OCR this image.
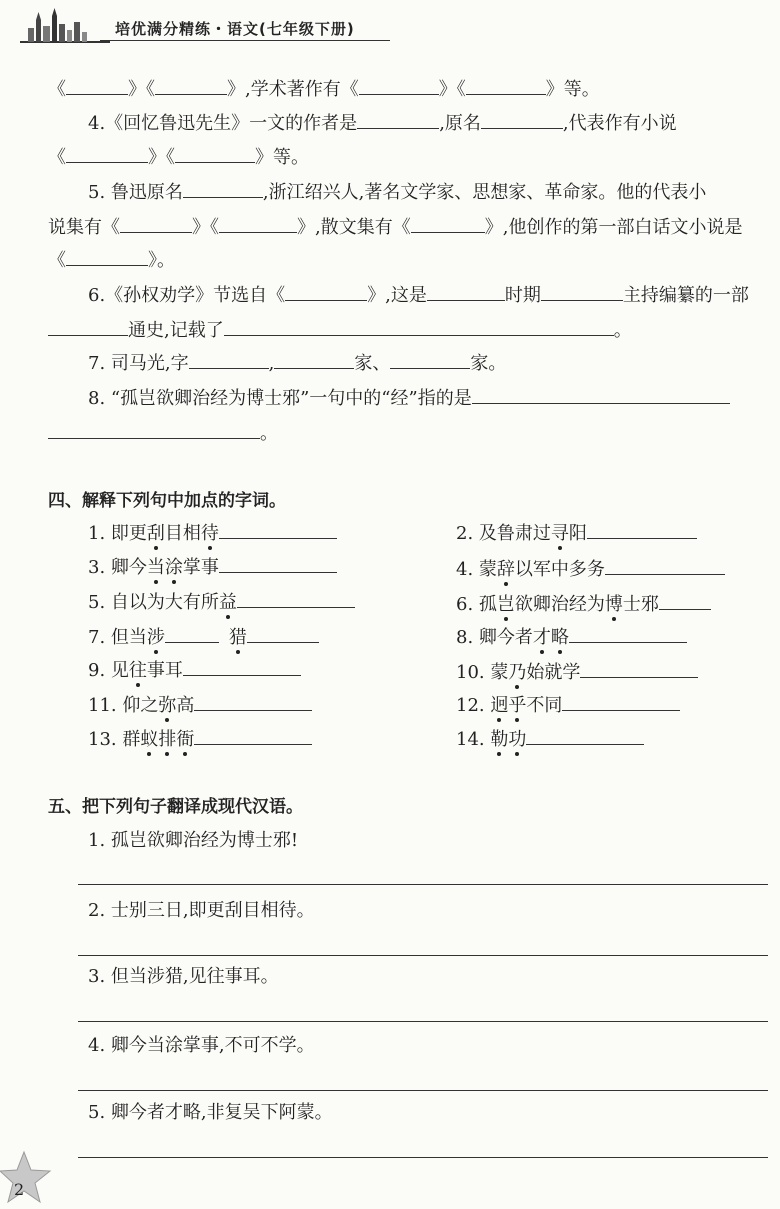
培优满分精练・语文(七年级下册)
《	》《	》,学术著作有《	》《	》等。
4.《回忆鲁迅先生》一文的作者是	,原名	,代表作有小说
《	》《	》等。
5. 鲁迅原名	,浙江绍兴人,著名文学家、思想家、革命家。他的代表小
说集有《	》《	》,散文集有《	》,他创作的第一部白话文小说是
《	》。
6.《孙权劝学》节选自《	》,这是	时期	主持编纂的一部
通史,记载了	。
7. 司马光,字	,	家、	家。
8. “孤岂欲卿治经为博士邪”一句中的“经”指的是
。
四、解释下列句中加点的字词。
1. 即更刮目相待	2. 及鲁肃过寻阳
3. 卿今当涂掌事	4. 蒙辞以军中多务
5. 自以为大有所益	6. 孤岂欲卿治经为博士邪
7. 但当涉	猎	8. 卿今者才略
9. 见往事耳	10. 蒙乃始就学
11. 仰之弥高	12. 迥乎不同
13. 群蚁排衙	14. 勒功
五、把下列句子翻译成现代汉语。
1. 孤岂欲卿治经为博士邪!
2. 士别三日,即更刮目相待。
3. 但当涉猎,见往事耳。
4. 卿今当涂掌事,不可不学。
5. 卿今者才略,非复吴下阿蒙。
2
